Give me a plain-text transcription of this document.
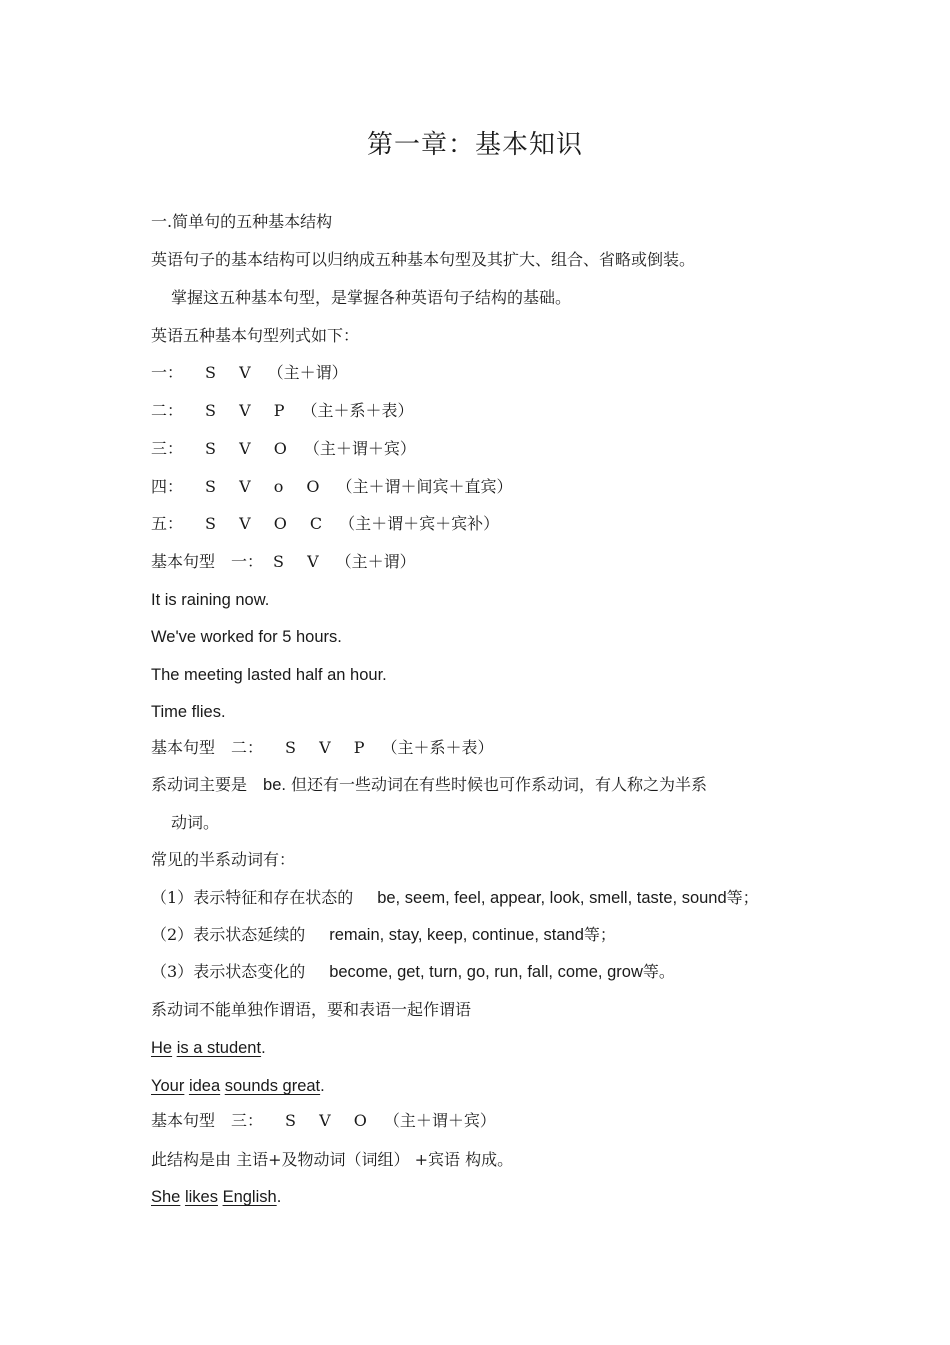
第一章：基本知识
一.简单句的五种基本结构
英语句子的基本结构可以归纳成五种基本句型及其扩大、组合、省略或倒装。
掌握这五种基本句型，是掌握各种英语句子结构的基础。
英语五种基本句型列式如下：
一： S V （主＋谓）
二： S V P （主＋系＋表）
三： S V O （主＋谓＋宾）
四： S V o O （主＋谓＋间宾＋直宾）
五： S V O C （主＋谓＋宾＋宾补）
基本句型 一： S V （主＋谓）
It is raining now.
We've worked for 5 hours.
The meeting lasted half an hour.
Time flies.
基本句型 二： S V P （主＋系＋表）
系动词主要是 be. 但还有一些动词在有些时候也可作系动词，有人称之为半系
动词。
常见的半系动词有：
（1）表示特征和存在状态的 be, seem, feel, appear, look, smell, taste, sound等；
（2）表示状态延续的 remain, stay, keep, continue, stand等；
（3）表示状态变化的 become, get, turn, go, run, fall, come, grow等。
系动词不能单独作谓语，要和表语一起作谓语
He is a student.
Your idea sounds great.
基本句型 三： S V O （主＋谓＋宾）
此结构是由 主语+及物动词（词组） +宾语 构成。
She likes English.
